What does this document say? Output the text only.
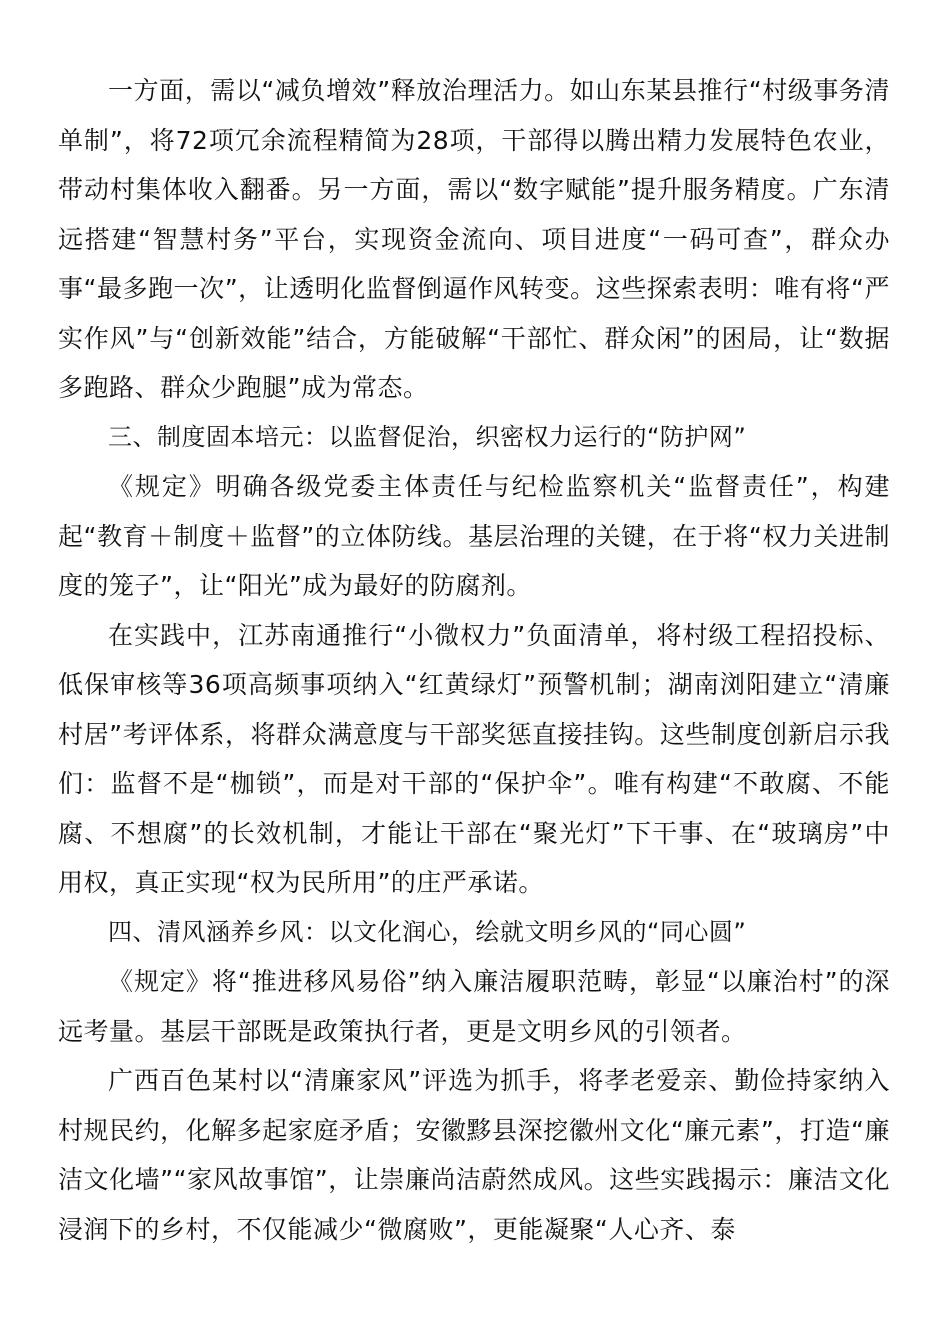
一方面，需以“减负增效”释放治理活力。如山东某县推行“村级事务清单制”，将72项冗余流程精简为28项，干部得以腾出精力发展特色农业，带动村集体收入翻番。另一方面，需以“数字赋能”提升服务精度。广东清远搭建“智慧村务”平台，实现资金流向、项目进度“一码可查”，群众办事“最多跑一次”，让透明化监督倒逼作风转变。这些探索表明：唯有将“严实作风”与“创新效能”结合，方能破解“干部忙、群众闲”的困局，让“数据多跑路、群众少跑腿”成为常态。

三、制度固本培元：以监督促治，织密权力运行的“防护网”

《规定》明确各级党委主体责任与纪检监察机关“监督责任”，构建起“教育＋制度＋监督”的立体防线。基层治理的关键，在于将“权力关进制度的笼子”，让“阳光”成为最好的防腐剂。

在实践中，江苏南通推行“小微权力”负面清单，将村级工程招投标、低保审核等36项高频事项纳入“红黄绿灯”预警机制；湖南浏阳建立“清廉村居”考评体系，将群众满意度与干部奖惩直接挂钩。这些制度创新启示我们：监督不是“枷锁”，而是对干部的“保护伞”。唯有构建“不敢腐、不能腐、不想腐”的长效机制，才能让干部在“聚光灯”下干事、在“玻璃房”中用权，真正实现“权为民所用”的庄严承诺。

四、清风涵养乡风：以文化润心，绘就文明乡风的“同心圆”

《规定》将“推进移风易俗”纳入廉洁履职范畴，彰显“以廉治村”的深远考量。基层干部既是政策执行者，更是文明乡风的引领者。

广西百色某村以“清廉家风”评选为抓手，将孝老爱亲、勤俭持家纳入村规民约，化解多起家庭矛盾；安徽黟县深挖徽州文化“廉元素”，打造“廉洁文化墙”“家风故事馆”，让崇廉尚洁蔚然成风。这些实践揭示：廉洁文化浸润下的乡村，不仅能减少“微腐败”，更能凝聚“人心齐、泰
